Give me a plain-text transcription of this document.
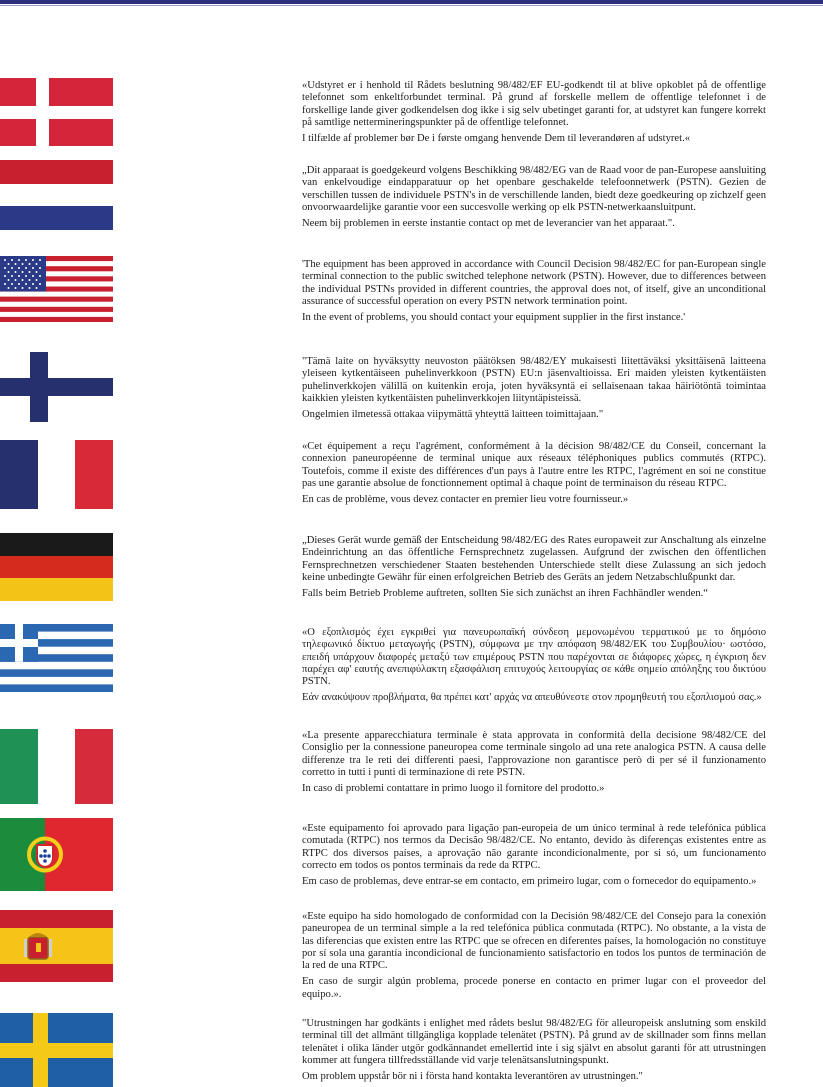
«Udstyret er i henhold til Rådets beslutning 98/482/EF EU-godkendt til at blive opkoblet på de offentlige telefonnet som enkeltforbundet terminal. På grund af forskelle mellem de offentlige telefonnet i de forskellige lande giver godkendelsen dog ikke i sig selv ubetinget garanti for, at udstyret kan fungere korrekt på samtlige nettermineringspunkter på de offentlige telefonnet.

I tilfælde af problemer bør De i første omgang henvende Dem til leverandøren af udstyret.«

„Dit apparaat is goedgekeurd volgens Beschikking 98/482/EG van de Raad voor de pan-Europese aansluiting van enkelvoudige eindapparatuur op het openbare geschakelde telefoonnetwerk (PSTN). Gezien de verschillen tussen de individuele PSTN's in de verschillende landen, biedt deze goedkeuring op zichzelf geen onvoorwaardelijke garantie voor een succesvolle werking op elk PSTN-netwerkaansluitpunt.

Neem bij problemen in eerste instantie contact op met de leverancier van het apparaat.".

'The equipment has been approved in accordance with Council Decision 98/482/EC for pan-European single terminal connection to the public switched telephone network (PSTN). However, due to differences between the individual PSTNs provided in different countries, the approval does not, of itself, give an unconditional assurance of successful operation on every PSTN network termination point.

In the event of problems, you should contact your equipment supplier in the first instance.'

"Tämä laite on hyväksytty neuvoston päätöksen 98/482/EY mukaisesti liitettäväksi yksittäisenä laitteena yleiseen kytkentäiseen puhelinverkkoon (PSTN) EU:n jäsenvaltioissa. Eri maiden yleisten kytkentäisten puhelinverkkojen välillä on kuitenkin eroja, joten hyväksyntä ei sellaisenaan takaa häiriötöntä toimintaa kaikkien yleisten kytkentäisten puhelinverkkojen liityntäpisteissä.

Ongelmien ilmetessä ottakaa viipymättä yhteyttä laitteen toimittajaan."

«Cet équipement a reçu l'agrément, conformément à la décision 98/482/CE du Conseil, concernant la connexion paneuropéenne de terminal unique aux réseaux téléphoniques publics commutés (RTPC). Toutefois, comme il existe des différences d'un pays à l'autre entre les RTPC, l'agrément en soi ne constitue pas une garantie absolue de fonctionnement optimal à chaque point de terminaison du réseau RTPC.

En cas de problème, vous devez contacter en premier lieu votre fournisseur.»

„Dieses Gerät wurde gemäß der Entscheidung 98/482/EG des Rates europaweit zur Anschaltung als einzelne Endeinrichtung an das öffentliche Fernsprechnetz zugelassen. Aufgrund der zwischen den öffentlichen Fernsprechnetzen verschiedener Staaten bestehenden Unterschiede stellt diese Zulassung an sich jedoch keine unbedingte Gewähr für einen erfolgreichen Betrieb des Geräts an jedem Netzabschlußpunkt dar.

Falls beim Betrieb Probleme auftreten, sollten Sie sich zunächst an ihren Fachhändler wenden.“

«Ο εξοπλισμός έχει εγκριθεί για πανευρωπαϊκή σύνδεση μεμονωμένου τερματικού με το δημόσιο τηλεφωνικό δίκτυο μεταγωγής (PSTN), σύμφωνα με την απόφαση 98/482/ΕΚ του Συμβουλίου· ωστόσο, επειδή υπάρχουν διαφορές μεταξύ των επιμέρους PSTN που παρέχονται σε διάφορες χώρες, η έγκριση δεν παρέχει αφ' εαυτής ανεπιφύλακτη εξασφάλιση επιτυχούς λειτουργίας σε κάθε σημείο απόληξης του δικτύου PSTN.

Εάν ανακύψουν προβλήματα, θα πρέπει κατ' αρχάς να απευθύνεστε στον προμηθευτή του εξοπλισμού σας.»

«La presente apparecchiatura terminale è stata approvata in conformità della decisione 98/482/CE del Consiglio per la connessione paneuropea come terminale singolo ad una rete analogica PSTN. A causa delle differenze tra le reti dei differenti paesi, l'approvazione non garantisce però di per sé il funzionamento corretto in tutti i punti di terminazione di rete PSTN.

In caso di problemi contattare in primo luogo il fornitore del prodotto.»

«Este equipamento foi aprovado para ligação pan-europeia de um único terminal à rede telefónica pública comutada (RTPC) nos termos da Decisão 98/482/CE. No entanto, devido às diferenças existentes entre as RTPC dos diversos países, a aprovação não garante incondicionalmente, por si só, um funcionamento correcto em todos os pontos terminais da rede da RTPC.

Em caso de problemas, deve entrar-se em contacto, em primeiro lugar, com o fornecedor do equipamento.»

«Este equipo ha sido homologado de conformidad con la Decisión 98/482/CE del Consejo para la conexión paneuropea de un terminal simple a la red telefónica pública conmutada (RTPC). No obstante, a la vista de las diferencias que existen entre las RTPC que se ofrecen en diferentes países, la homologación no constituye por sí sola una garantía incondicional de funcionamiento satisfactorio en todos los puntos de terminación de la red de una RTPC.

En caso de surgir algún problema, procede ponerse en contacto en primer lugar con el proveedor del equipo.».

"Utrustningen har godkänts i enlighet med rådets beslut 98/482/EG för alleuropeisk anslutning som enskild terminal till det allmänt tillgängliga kopplade telenätet (PSTN). På grund av de skillnader som finns mellan telenätet i olika länder utgör godkännandet emellertid inte i sig självt en absolut garanti för att utrustningen kommer att fungera tillfredsställande vid varje telenätsanslutningspunkt.

Om problem uppstår bör ni i första hand kontakta leverantören av utrustningen."
